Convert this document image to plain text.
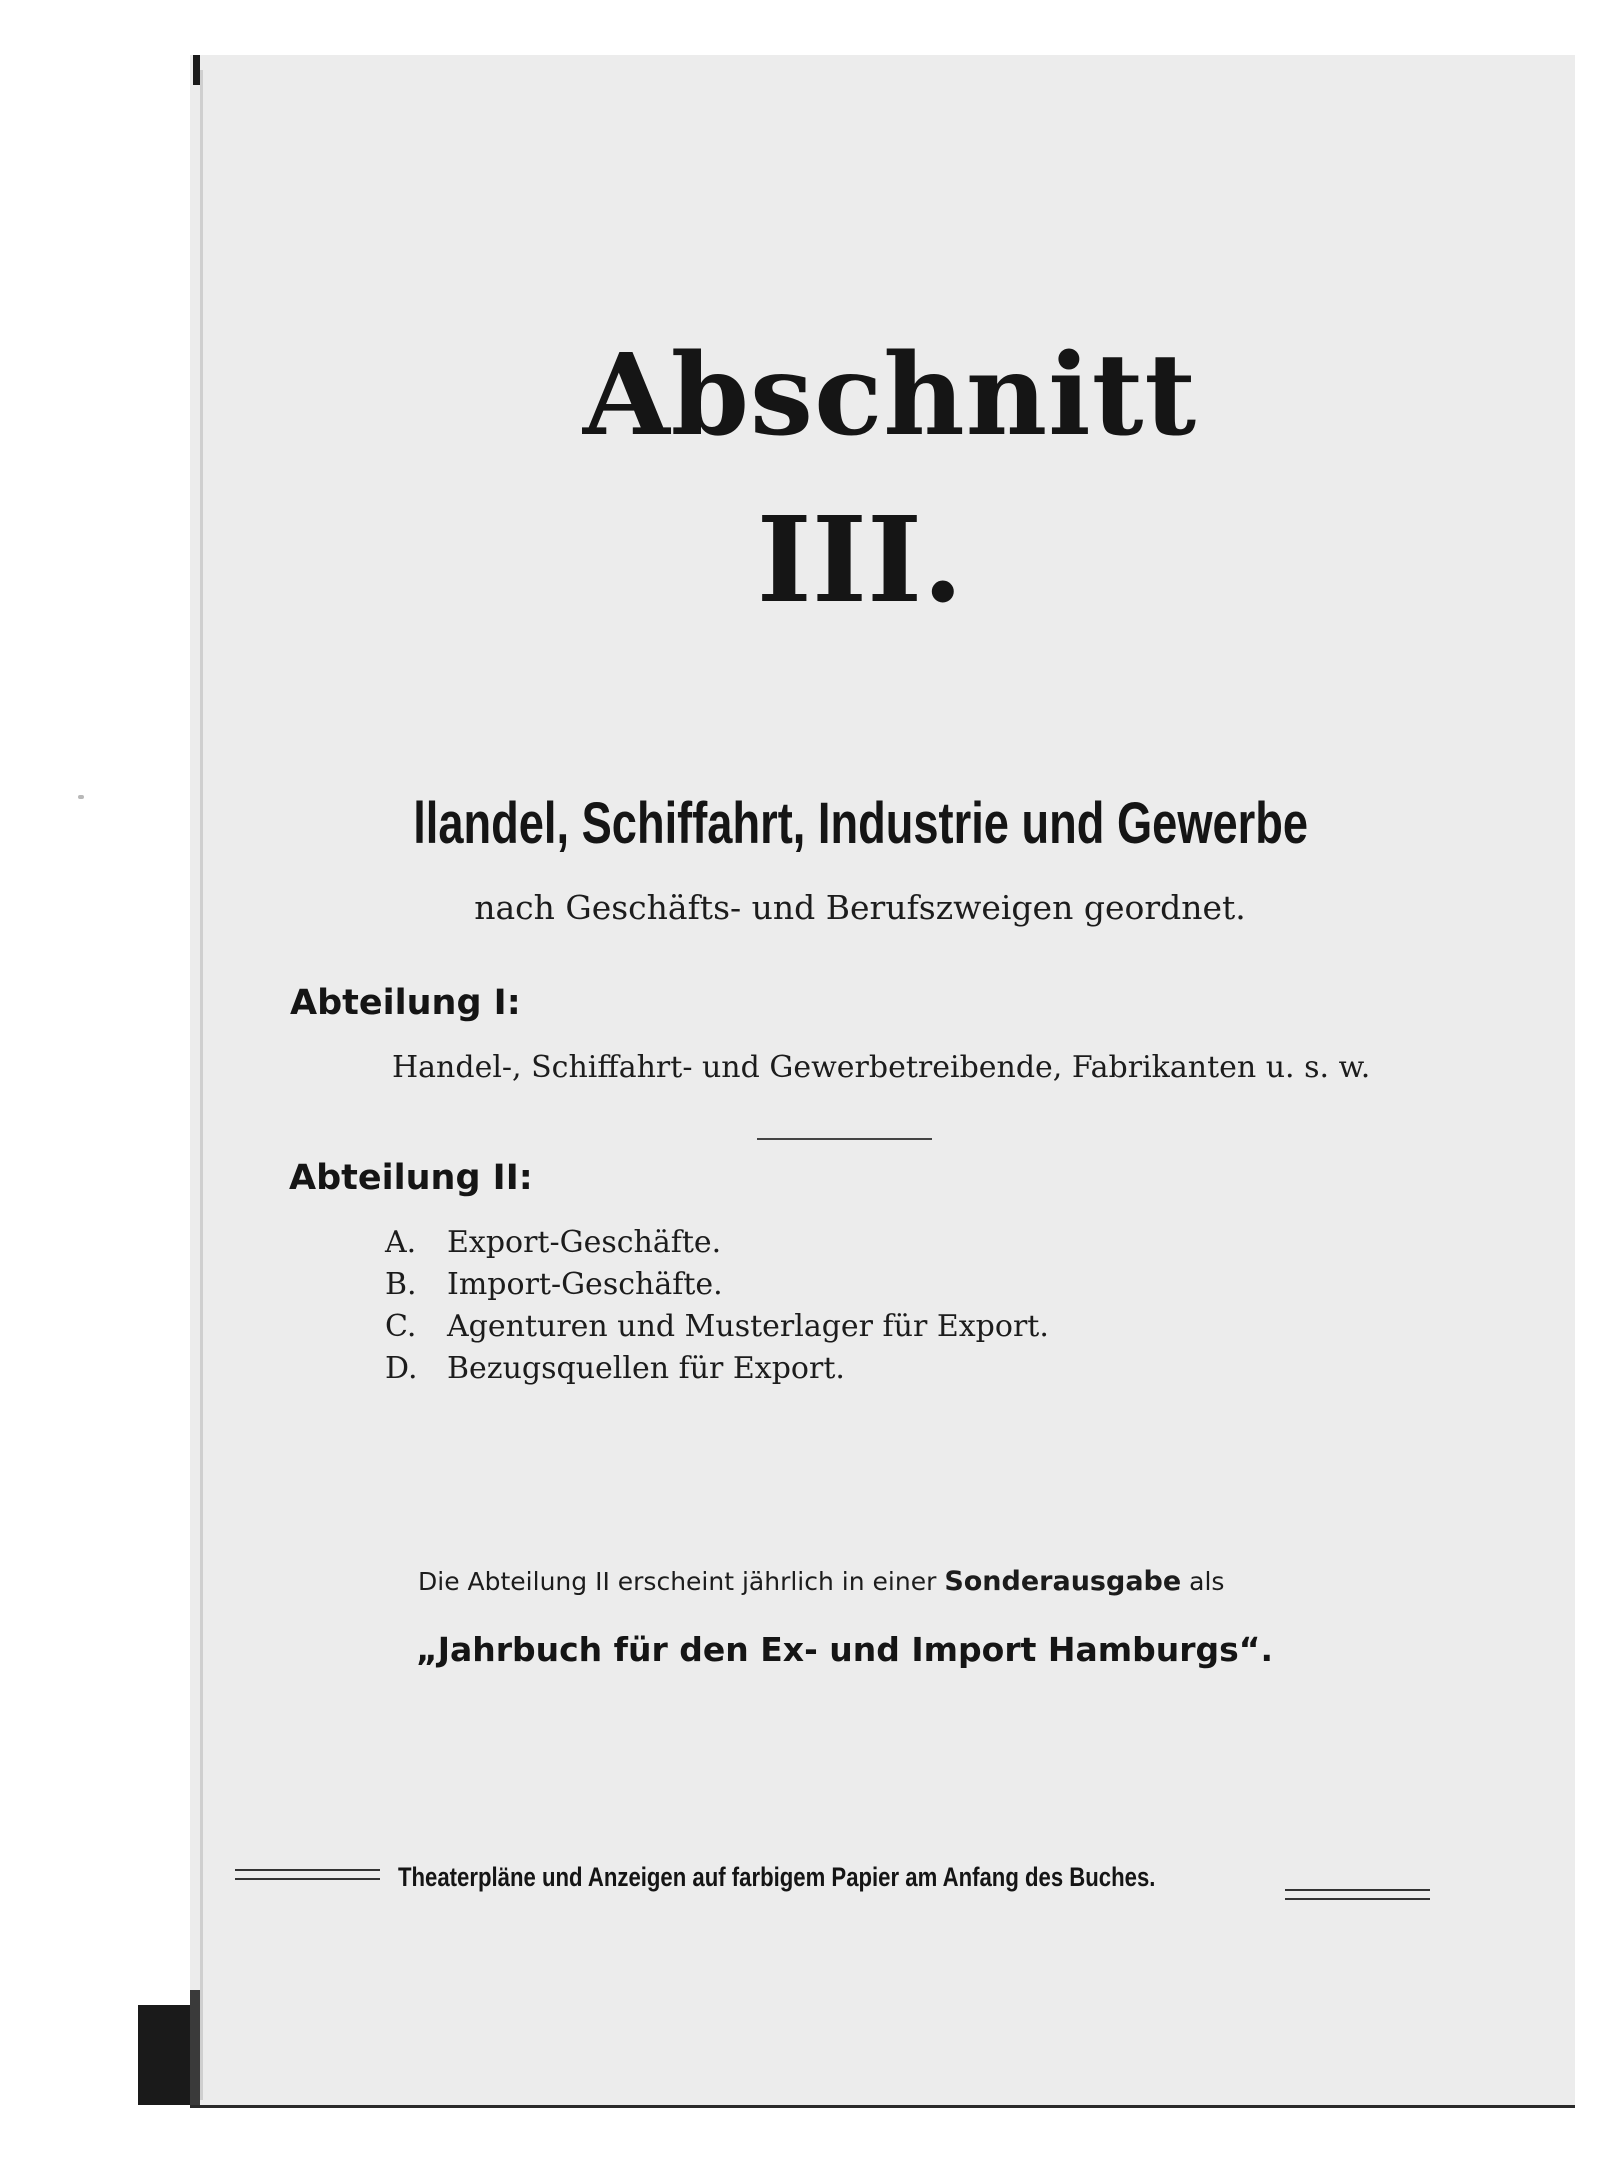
Abschnitt
III.
llandel, Schiffahrt, Industrie und Gewerbe
nach Geschäfts- und Berufszweigen geordnet.
Abteilung I:
Handel-, Schiffahrt- und Gewerbetreibende, Fabrikanten u. s. w.
Abteilung II:
A. Export-Geschäfte.
B. Import-Geschäfte.
C. Agenturen und Musterlager für Export.
D. Bezugsquellen für Export.
Die Abteilung II erscheint jährlich in einer Sonderausgabe als
„Jahrbuch für den Ex- und Import Hamburgs“.
Theaterpläne und Anzeigen auf farbigem Papier am Anfang des Buches.
